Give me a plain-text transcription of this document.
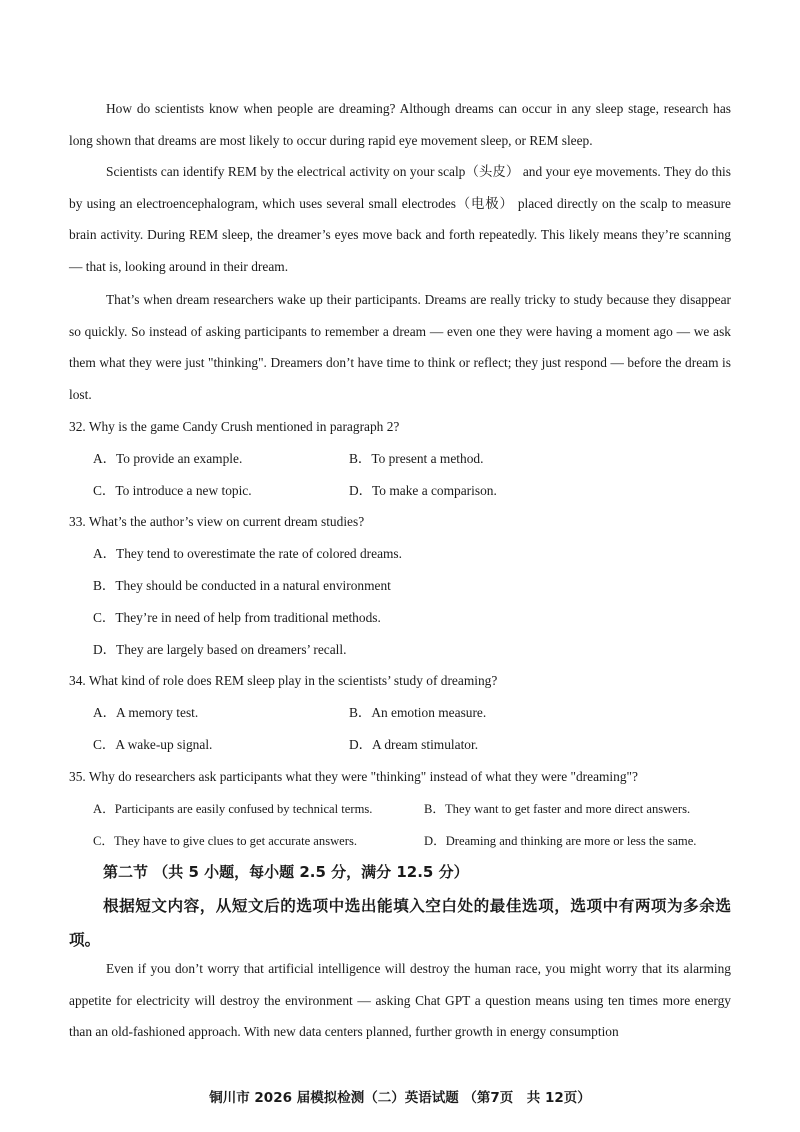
How do scientists know when people are dreaming? Although dreams can occur in any sleep stage, research has long shown that dreams are most likely to occur during rapid eye movement sleep, or REM sleep.

Scientists can identify REM by the electrical activity on your scalp（头皮） and your eye movements. They do this by using an electroencephalogram, which uses several small electrodes（电极） placed directly on the scalp to measure brain activity. During REM sleep, the dreamer’s eyes move back and forth repeatedly. This likely means they’re scanning — that is, looking around in their dream.

That’s when dream researchers wake up their participants. Dreams are really tricky to study because they disappear so quickly. So instead of asking participants to remember a dream — even one they were having a moment ago — we ask them what they were just "thinking". Dreamers don’t have time to think or reflect; they just respond — before the dream is lost.

32. Why is the game Candy Crush mentioned in paragraph 2?

A．To provide an example.	B．To present a method.

C．To introduce a new topic.	D．To make a comparison.

33. What’s the author’s view on current dream studies?

A．They tend to overestimate the rate of colored dreams.

B．They should be conducted in a natural environment

C．They’re in need of help from traditional methods.

D．They are largely based on dreamers’ recall.

34. What kind of role does REM sleep play in the scientists’ study of dreaming?

A．A memory test.	B．An emotion measure.

C．A wake-up signal.	D．A dream stimulator.

35. Why do researchers ask participants what they were "thinking" instead of what they were "dreaming"?

A．Participants are easily confused by technical terms.	B．They want to get faster and more direct answers.

C．They have to give clues to get accurate answers.	D．Dreaming and thinking are more or less the same.

第二节 （共 5 小题，每小题 2.5 分，满分 12.5 分）

根据短文内容，从短文后的选项中选出能填入空白处的最佳选项，选项中有两项为多余选项。

Even if you don’t worry that artificial intelligence will destroy the human race, you might worry that its alarming appetite for electricity will destroy the environment — asking Chat GPT a question means using ten times more energy than an old-fashioned approach. With new data centers planned, further growth in energy consumption

铜川市 2026 届模拟检测（二）英语试题 （第7页　共 12页）
